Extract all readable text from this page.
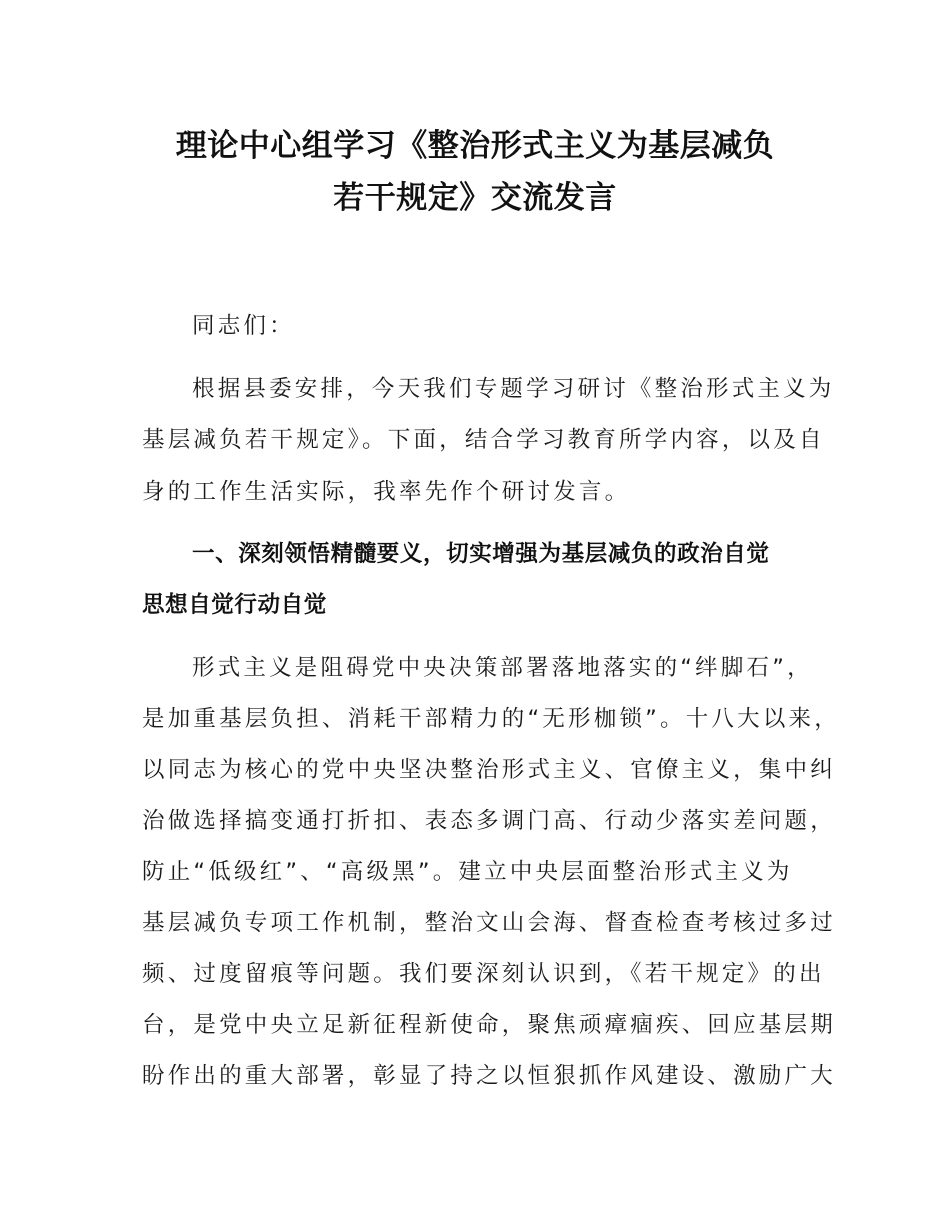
理论中心组学习《整治形式主义为基层减负
若干规定》交流发言
同志们：
根据县委安排，今天我们专题学习研讨《整治形式主义为
基层减负若干规定》。下面，结合学习教育所学内容，以及自
身的工作生活实际，我率先作个研讨发言。
一、深刻领悟精髓要义，切实增强为基层减负的政治自觉
思想自觉行动自觉
形式主义是阻碍党中央决策部署落地落实的“绊脚石”，
是加重基层负担、消耗干部精力的“无形枷锁”。十八大以来，
以同志为核心的党中央坚决整治形式主义、官僚主义，集中纠
治做选择搞变通打折扣、表态多调门高、行动少落实差问题，
防止“低级红”、“高级黑”。建立中央层面整治形式主义为
基层减负专项工作机制，整治文山会海、督查检查考核过多过
频、过度留痕等问题。我们要深刻认识到，《若干规定》的出
台，是党中央立足新征程新使命，聚焦顽瘴痼疾、回应基层期
盼作出的重大部署，彰显了持之以恒狠抓作风建设、激励广大
